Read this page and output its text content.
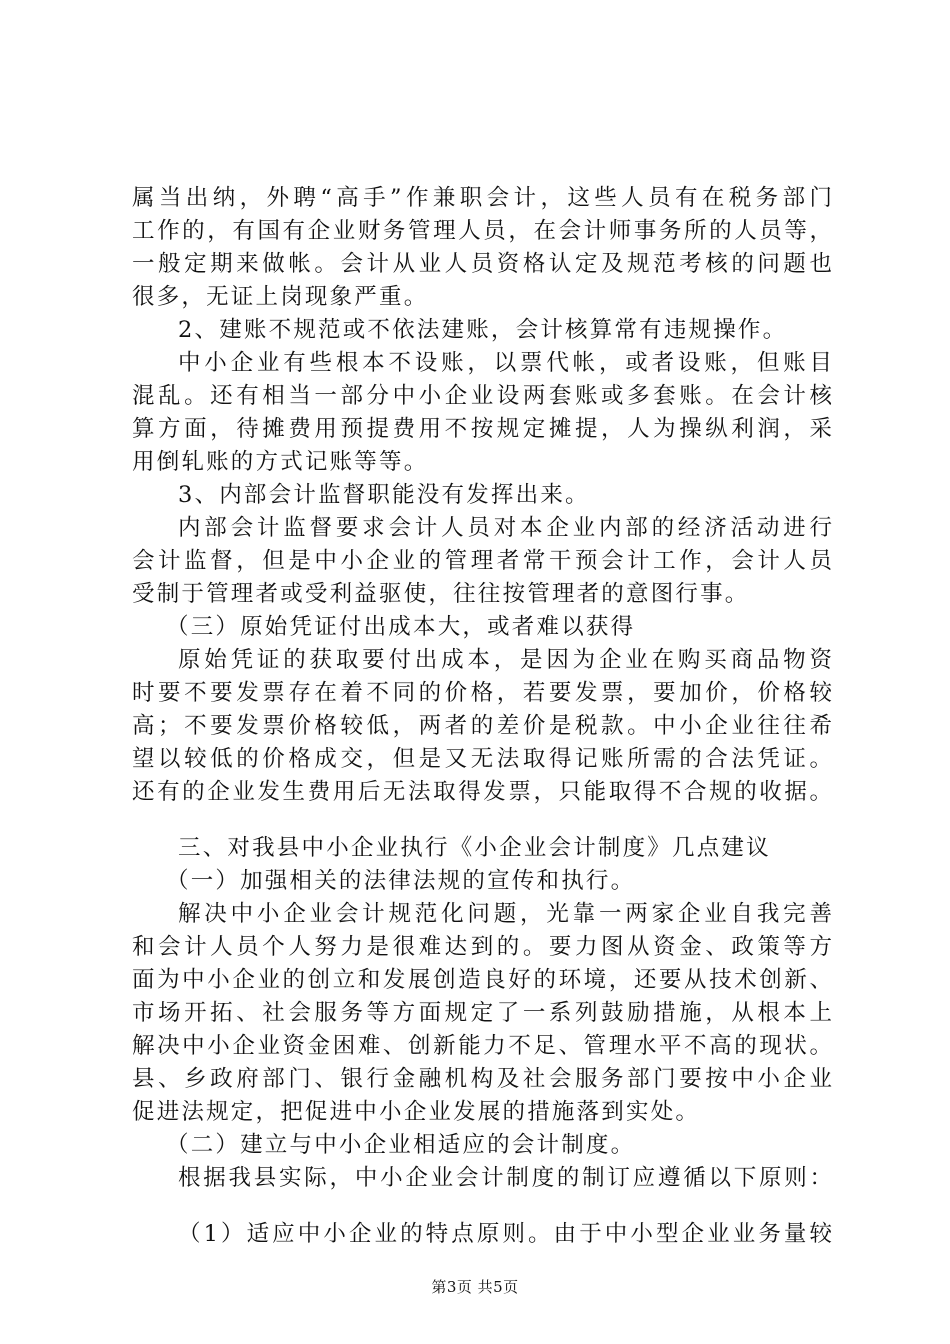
属当出纳，外聘“高手”作兼职会计，这些人员有在税务部门
工作的，有国有企业财务管理人员，在会计师事务所的人员等，
一般定期来做帐。会计从业人员资格认定及规范考核的问题也
很多，无证上岗现象严重。
2、建账不规范或不依法建账，会计核算常有违规操作。
中小企业有些根本不设账，以票代帐，或者设账，但账目
混乱。还有相当一部分中小企业设两套账或多套账。在会计核
算方面，待摊费用预提费用不按规定摊提，人为操纵利润，采
用倒轧账的方式记账等等。
3、内部会计监督职能没有发挥出来。
内部会计监督要求会计人员对本企业内部的经济活动进行
会计监督，但是中小企业的管理者常干预会计工作，会计人员
受制于管理者或受利益驱使，往往按管理者的意图行事。
（三）原始凭证付出成本大，或者难以获得
原始凭证的获取要付出成本，是因为企业在购买商品物资
时要不要发票存在着不同的价格，若要发票，要加价，价格较
高；不要发票价格较低，两者的差价是税款。中小企业往往希
望以较低的价格成交，但是又无法取得记账所需的合法凭证。
还有的企业发生费用后无法取得发票，只能取得不合规的收据。
三、对我县中小企业执行《小企业会计制度》几点建议
（一）加强相关的法律法规的宣传和执行。
解决中小企业会计规范化问题，光靠一两家企业自我完善
和会计人员个人努力是很难达到的。要力图从资金、政策等方
面为中小企业的创立和发展创造良好的环境，还要从技术创新、
市场开拓、社会服务等方面规定了一系列鼓励措施，从根本上
解决中小企业资金困难、创新能力不足、管理水平不高的现状。
县、乡政府部门、银行金融机构及社会服务部门要按中小企业
促进法规定，把促进中小企业发展的措施落到实处。
（二）建立与中小企业相适应的会计制度。
根据我县实际，中小企业会计制度的制订应遵循以下原则：
（1）适应中小企业的特点原则。由于中小型企业业务量较
第3页 共5页
